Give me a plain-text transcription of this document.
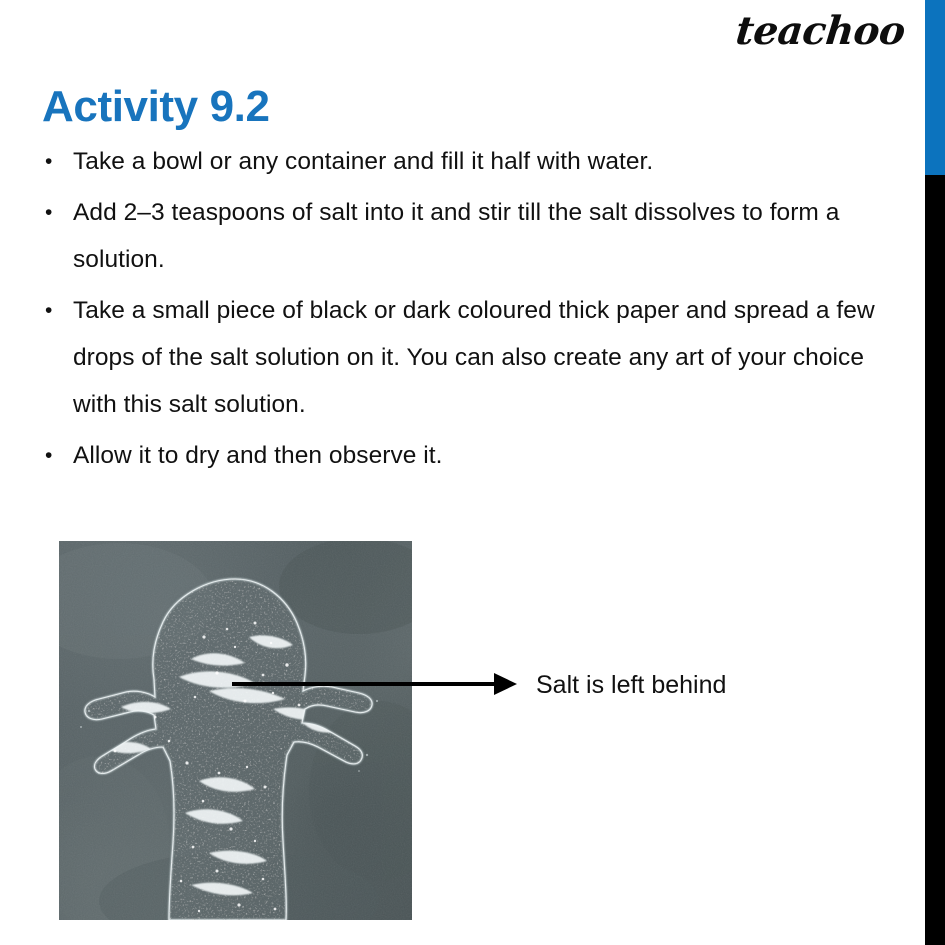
teachoo
Activity 9.2
• Take a bowl or any container and fill it half with water.
• Add 2–3 teaspoons of salt into it and stir till the salt dissolves to form a solution.
• Take a small piece of black or dark coloured thick paper and spread a few drops of the salt solution on it. You can also create any art of your choice with this salt solution.
• Allow it to dry and then observe it.
Salt is left behind
